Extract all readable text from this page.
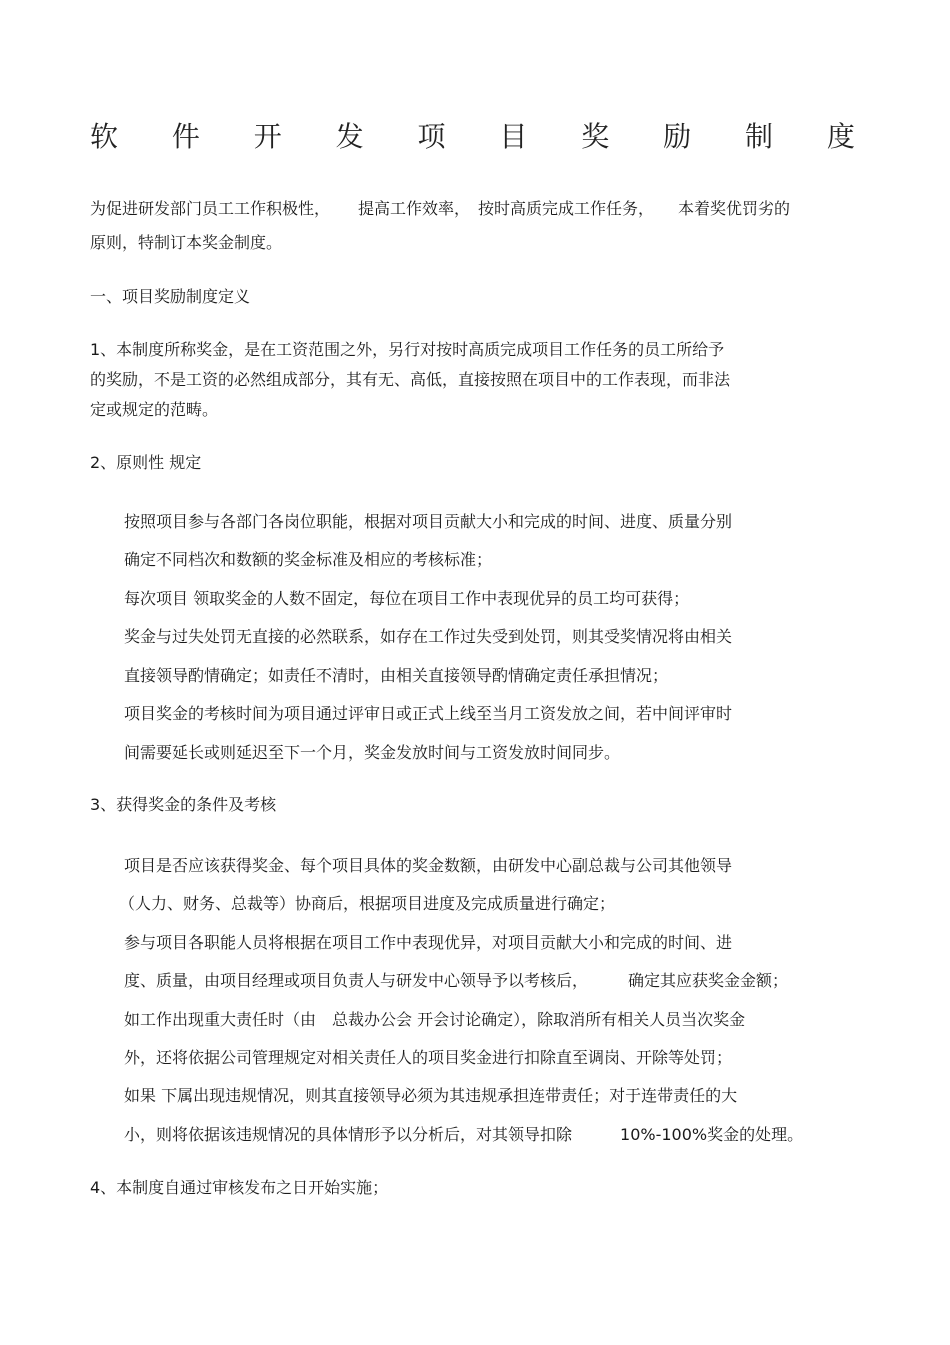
软 件 开 发 项 目 奖 励 制 度
为促进研发部门员工工作积极性， 提高工作效率， 按时高质完成工作任务， 本着奖优罚劣的
原则，特制订本奖金制度。
一、项目奖励制度定义
1、本制度所称奖金，是在工资范围之外，另行对按时高质完成项目工作任务的员工所给予
的奖励，不是工资的必然组成部分，其有无、高低，直接按照在项目中的工作表现，而非法
定或规定的范畴。
2、原则性 规定
按照项目参与各部门各岗位职能，根据对项目贡献大小和完成的时间、进度、质量分别
确定不同档次和数额的奖金标准及相应的考核标准；
每次项目 领取奖金的人数不固定，每位在项目工作中表现优异的员工均可获得；
奖金与过失处罚无直接的必然联系，如存在工作过失受到处罚，则其受奖情况将由相关
直接领导酌情确定；如责任不清时，由相关直接领导酌情确定责任承担情况；
项目奖金的考核时间为项目通过评审日或正式上线至当月工资发放之间，若中间评审时
间需要延长或则延迟至下一个月，奖金发放时间与工资发放时间同步。
3、获得奖金的条件及考核
项目是否应该获得奖金、每个项目具体的奖金数额，由研发中心副总裁与公司其他领导
（人力、财务、总裁等）协商后，根据项目进度及完成质量进行确定；
参与项目各职能人员将根据在项目工作中表现优异，对项目贡献大小和完成的时间、进
度、质量，由项目经理或项目负责人与研发中心领导予以考核后，	确定其应获奖金金额；
如工作出现重大责任时（由 总裁办公会 开会讨论确定），除取消所有相关人员当次奖金
外，还将依据公司管理规定对相关责任人的项目奖金进行扣除直至调岗、开除等处罚；
如果 下属出现违规情况，则其直接领导必须为其违规承担连带责任；对于连带责任的大
小，则将依据该违规情况的具体情形予以分析后，对其领导扣除	10%-100%奖金的处理。
4、本制度自通过审核发布之日开始实施；
